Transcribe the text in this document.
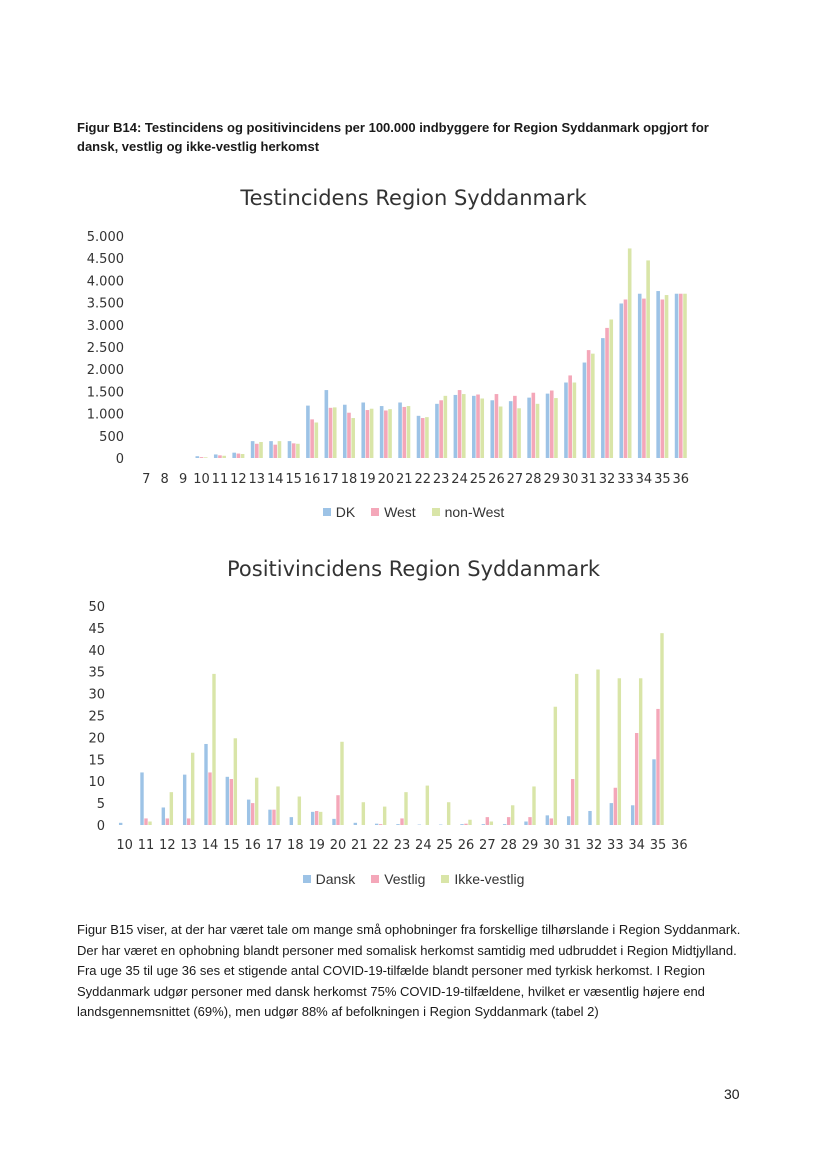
Figur B14: Testincidens og positivincidens per 100.000 indbyggere for Region Syddanmark opgjort for dansk, vestlig og ikke-vestlig herkomst
Testincidens Region Syddanmark
0
500
1.000
1.500
2.000
2.500
3.000
3.500
4.000
4.500
5.000
7 8 9 10 11 12 13 14 15 16 17 18 19 20 21 22 23 24 25 26 27 28 29 30 31 32 33 34 35 36
DK West non-West
Positivincidens Region Syddanmark
0
5
10
15
20
25
30
35
40
45
50
10 11 12 13 14 15 16 17 18 19 20 21 22 23 24 25 26 27 28 29 30 31 32 33 34 35 36
Dansk Vestlig Ikke-vestlig
Figur B15 viser, at der har været tale om mange små ophobninger fra forskellige tilhørslande i Region Syddanmark. Der har været en ophobning blandt personer med somalisk herkomst samtidig med udbruddet i Region Midtjylland. Fra uge 35 til uge 36 ses et stigende antal COVID-19-tilfælde blandt personer med tyrkisk herkomst. I Region Syddanmark udgør personer med dansk herkomst 75% COVID-19-tilfældene, hvilket er væsentlig højere end landsgennemsnittet (69%), men udgør 88% af befolkningen i Region Syddanmark (tabel 2)
30
